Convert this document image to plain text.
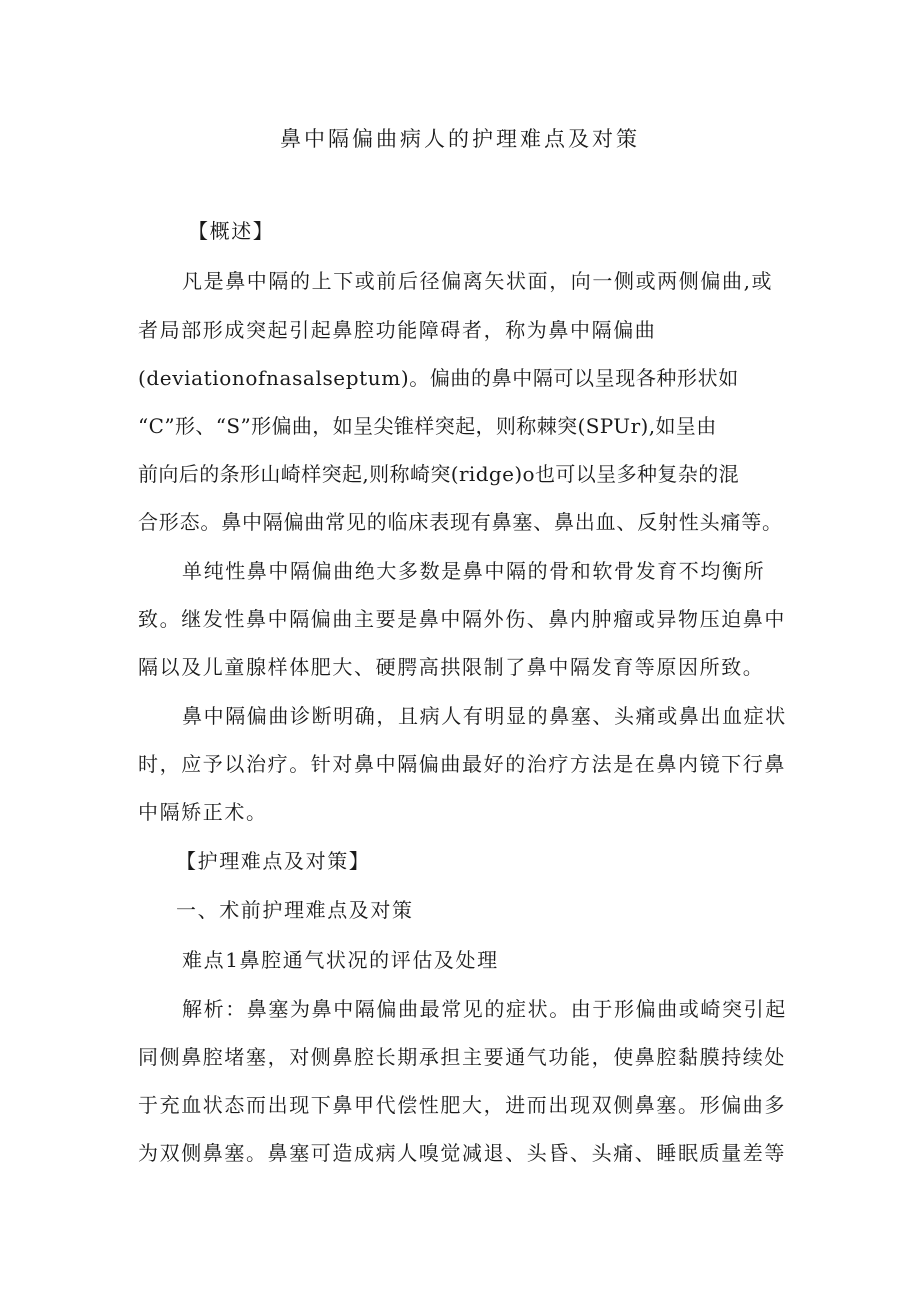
鼻中隔偏曲病人的护理难点及对策
【概述】
凡是鼻中隔的上下或前后径偏离矢状面，向一侧或两侧偏曲,或
者局部形成突起引起鼻腔功能障碍者，称为鼻中隔偏曲
(deviationofnasalseptum)。偏曲的鼻中隔可以呈现各种形状如
“C”形、“S”形偏曲，如呈尖锥样突起，则称棘突(SPUr),如呈由
前向后的条形山崎样突起,则称崎突(ridge)o也可以呈多种复杂的混
合形态。鼻中隔偏曲常见的临床表现有鼻塞、鼻出血、反射性头痛等。
单纯性鼻中隔偏曲绝大多数是鼻中隔的骨和软骨发育不均衡所
致。继发性鼻中隔偏曲主要是鼻中隔外伤、鼻内肿瘤或异物压迫鼻中
隔以及儿童腺样体肥大、硬腭高拱限制了鼻中隔发育等原因所致。
鼻中隔偏曲诊断明确，且病人有明显的鼻塞、头痛或鼻出血症状
时，应予以治疗。针对鼻中隔偏曲最好的治疗方法是在鼻内镜下行鼻
中隔矫正术。
【护理难点及对策】
一、术前护理难点及对策
难点1鼻腔通气状况的评估及处理
解析：鼻塞为鼻中隔偏曲最常见的症状。由于形偏曲或崎突引起
同侧鼻腔堵塞，对侧鼻腔长期承担主要通气功能，使鼻腔黏膜持续处
于充血状态而出现下鼻甲代偿性肥大，进而出现双侧鼻塞。形偏曲多
为双侧鼻塞。鼻塞可造成病人嗅觉减退、头昏、头痛、睡眠质量差等
